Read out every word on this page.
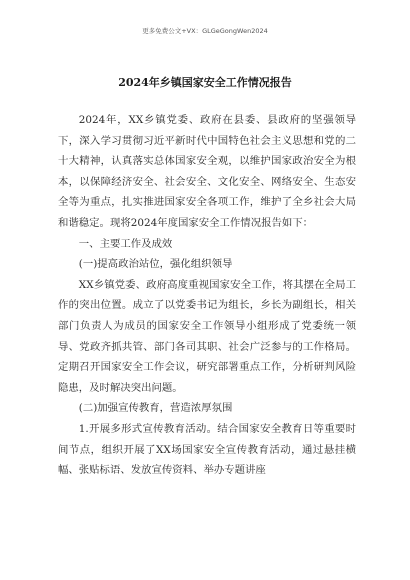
更多免费公文+VX：GLGeGongWen2024
2024年乡镇国家安全工作情况报告

2024年，XX乡镇党委、政府在县委、县政府的坚强领导下，深入学习贯彻习近平新时代中国特色社会主义思想和党的二十大精神，认真落实总体国家安全观，以维护国家政治安全为根本，以保障经济安全、社会安全、文化安全、网络安全、生态安全等为重点，扎实推进国家安全各项工作，维护了全乡社会大局和谐稳定。现将2024年度国家安全工作情况报告如下：

一、主要工作及成效

(一)提高政治站位，强化组织领导

XX乡镇党委、政府高度重视国家安全工作，将其摆在全局工作的突出位置。成立了以党委书记为组长，乡长为副组长，相关部门负责人为成员的国家安全工作领导小组形成了党委统一领导、党政齐抓共管、部门各司其职、社会广泛参与的工作格局。定期召开国家安全工作会议，研究部署重点工作，分析研判风险隐患，及时解决突出问题。

(二)加强宣传教育，营造浓厚氛围

1.开展多形式宣传教育活动。结合国家安全教育日等重要时间节点，组织开展了XX场国家安全宣传教育活动，通过悬挂横幅、张贴标语、发放宣传资料、举办专题讲座
